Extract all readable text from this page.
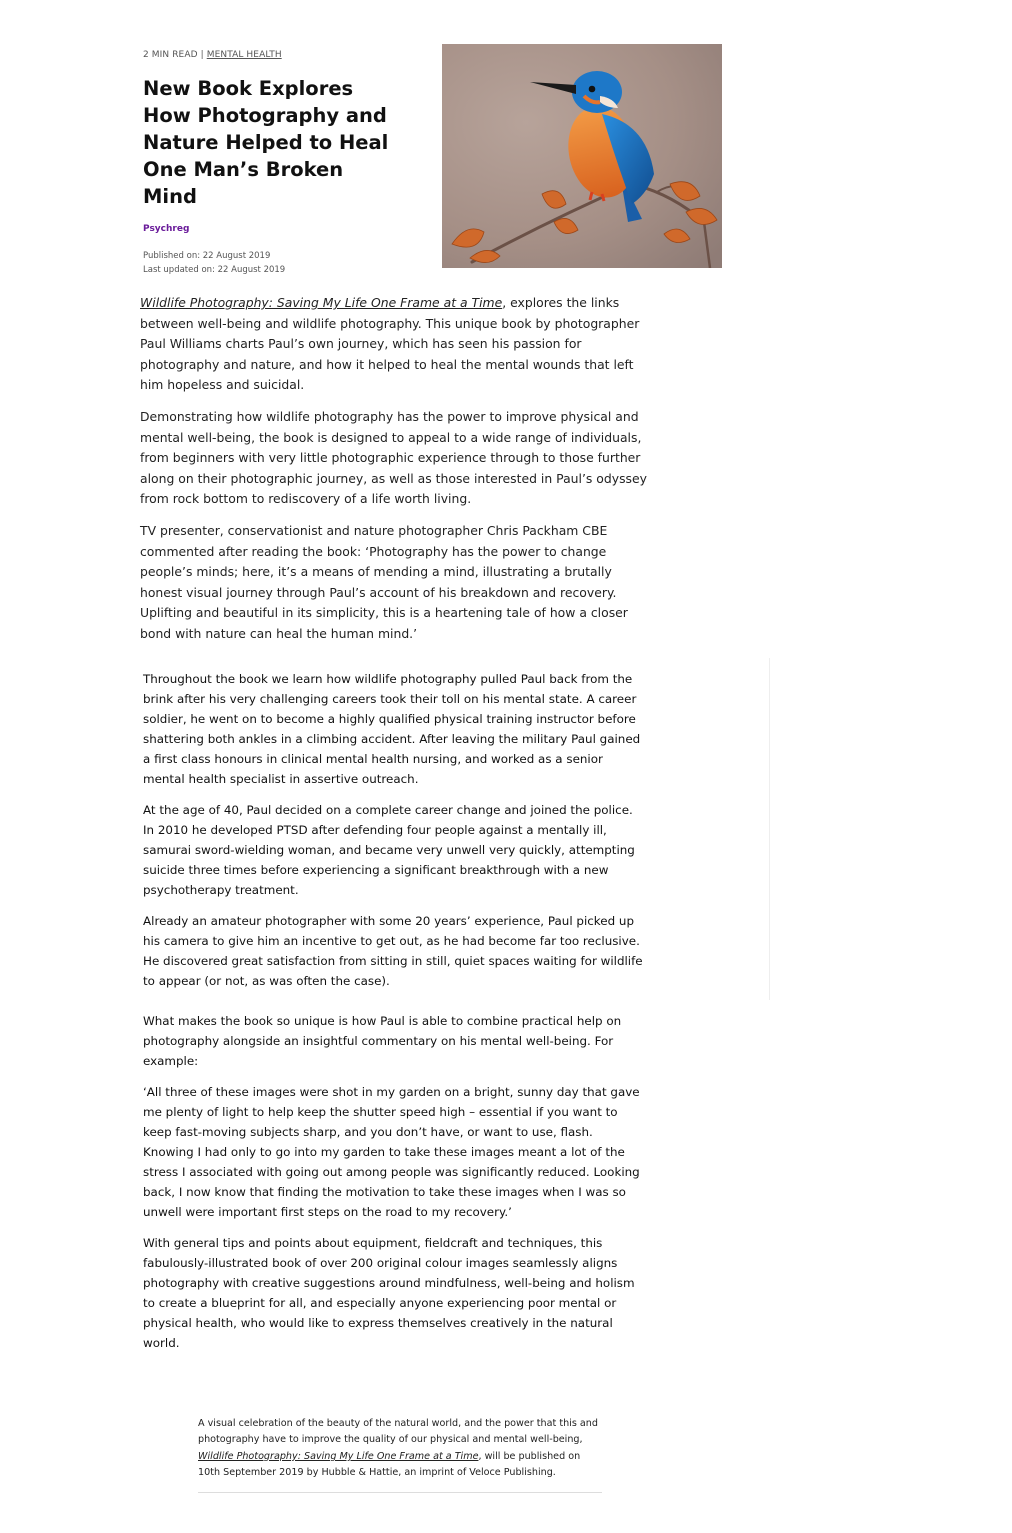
2 MIN READ | MENTAL HEALTH
New Book Explores How Photography and Nature Helped to Heal One Man’s Broken Mind
Psychreg
Published on: 22 August 2019
Last updated on: 22 August 2019

Wildlife Photography: Saving My Life One Frame at a Time, explores the links between well-being and wildlife photography. This unique book by photographer Paul Williams charts Paul’s own journey, which has seen his passion for photography and nature, and how it helped to heal the mental wounds that left him hopeless and suicidal.

Demonstrating how wildlife photography has the power to improve physical and mental well-being, the book is designed to appeal to a wide range of individuals, from beginners with very little photographic experience through to those further along on their photographic journey, as well as those interested in Paul’s odyssey from rock bottom to rediscovery of a life worth living.

TV presenter, conservationist and nature photographer Chris Packham CBE commented after reading the book: ‘Photography has the power to change people’s minds; here, it’s a means of mending a mind, illustrating a brutally honest visual journey through Paul’s account of his breakdown and recovery. Uplifting and beautiful in its simplicity, this is a heartening tale of how a closer bond with nature can heal the human mind.’

Throughout the book we learn how wildlife photography pulled Paul back from the brink after his very challenging careers took their toll on his mental state. A career soldier, he went on to become a highly qualified physical training instructor before shattering both ankles in a climbing accident. After leaving the military Paul gained a first class honours in clinical mental health nursing, and worked as a senior mental health specialist in assertive outreach.

At the age of 40, Paul decided on a complete career change and joined the police. In 2010 he developed PTSD after defending four people against a mentally ill, samurai sword-wielding woman, and became very unwell very quickly, attempting suicide three times before experiencing a significant breakthrough with a new psychotherapy treatment.

Already an amateur photographer with some 20 years’ experience, Paul picked up his camera to give him an incentive to get out, as he had become far too reclusive. He discovered great satisfaction from sitting in still, quiet spaces waiting for wildlife to appear (or not, as was often the case).

What makes the book so unique is how Paul is able to combine practical help on photography alongside an insightful commentary on his mental well-being. For example:

‘All three of these images were shot in my garden on a bright, sunny day that gave me plenty of light to help keep the shutter speed high – essential if you want to keep fast-moving subjects sharp, and you don’t have, or want to use, flash. Knowing I had only to go into my garden to take these images meant a lot of the stress I associated with going out among people was significantly reduced. Looking back, I now know that finding the motivation to take these images when I was so unwell were important first steps on the road to my recovery.’

With general tips and points about equipment, fieldcraft and techniques, this fabulously-illustrated book of over 200 original colour images seamlessly aligns photography with creative suggestions around mindfulness, well-being and holism to create a blueprint for all, and especially anyone experiencing poor mental or physical health, who would like to express themselves creatively in the natural world.

A visual celebration of the beauty of the natural world, and the power that this and photography have to improve the quality of our physical and mental well-being,
Wildlife Photography: Saving My Life One Frame at a Time, will be published on 10th September 2019 by Hubble & Hattie, an imprint of Veloce Publishing.
